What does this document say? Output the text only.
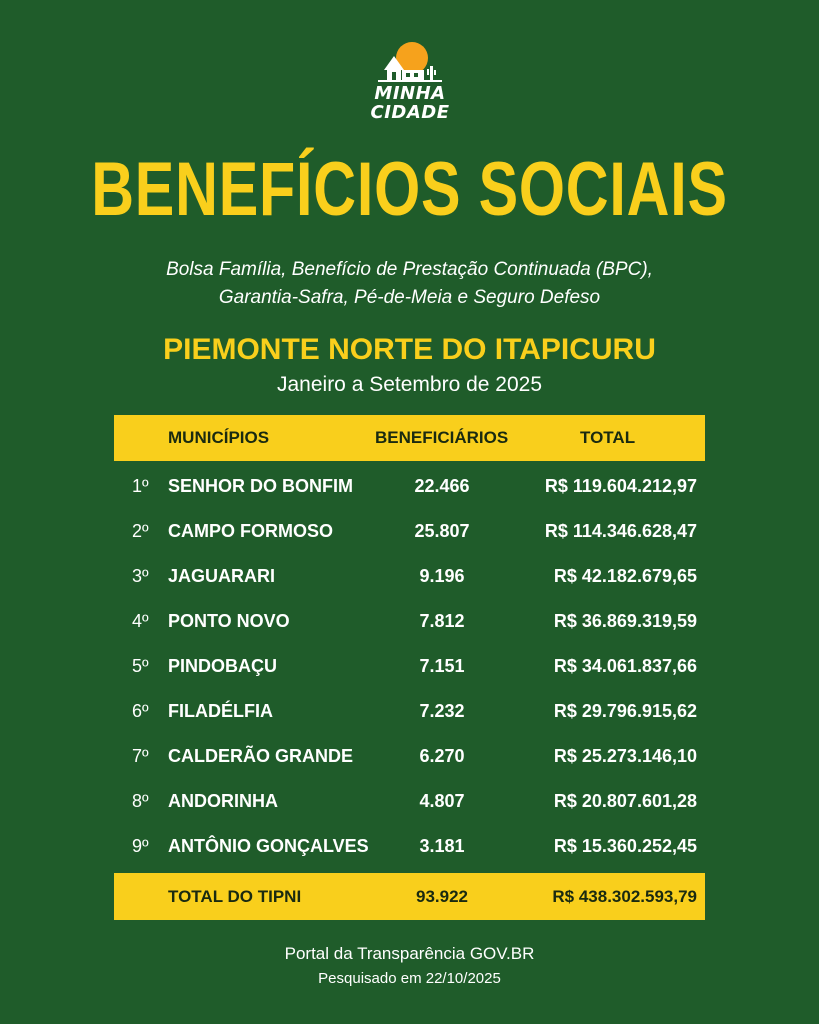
MINHA
CIDADE
BENEFÍCIOS SOCIAIS
Bolsa Família, Benefício de Prestação Continuada (BPC),
Garantia-Safra, Pé-de-Meia e Seguro Defeso
PIEMONTE NORTE DO ITAPICURU
Janeiro a Setembro de 2025
MUNICÍPIOS	BENEFICIÁRIOS	TOTAL
1º SENHOR DO BONFIM	22.466	R$ 119.604.212,97
2º CAMPO FORMOSO	25.807	R$ 114.346.628,47
3º JAGUARARI	9.196	R$ 42.182.679,65
4º PONTO NOVO	7.812	R$ 36.869.319,59
5º PINDOBAÇU	7.151	R$ 34.061.837,66
6º FILADÉLFIA	7.232	R$ 29.796.915,62
7º CALDERÃO GRANDE	6.270	R$ 25.273.146,10
8º ANDORINHA	4.807	R$ 20.807.601,28
9º ANTÔNIO GONÇALVES	3.181	R$ 15.360.252,45
TOTAL DO TIPNI	93.922	R$ 438.302.593,79
Portal da Transparência GOV.BR
Pesquisado em 22/10/2025
